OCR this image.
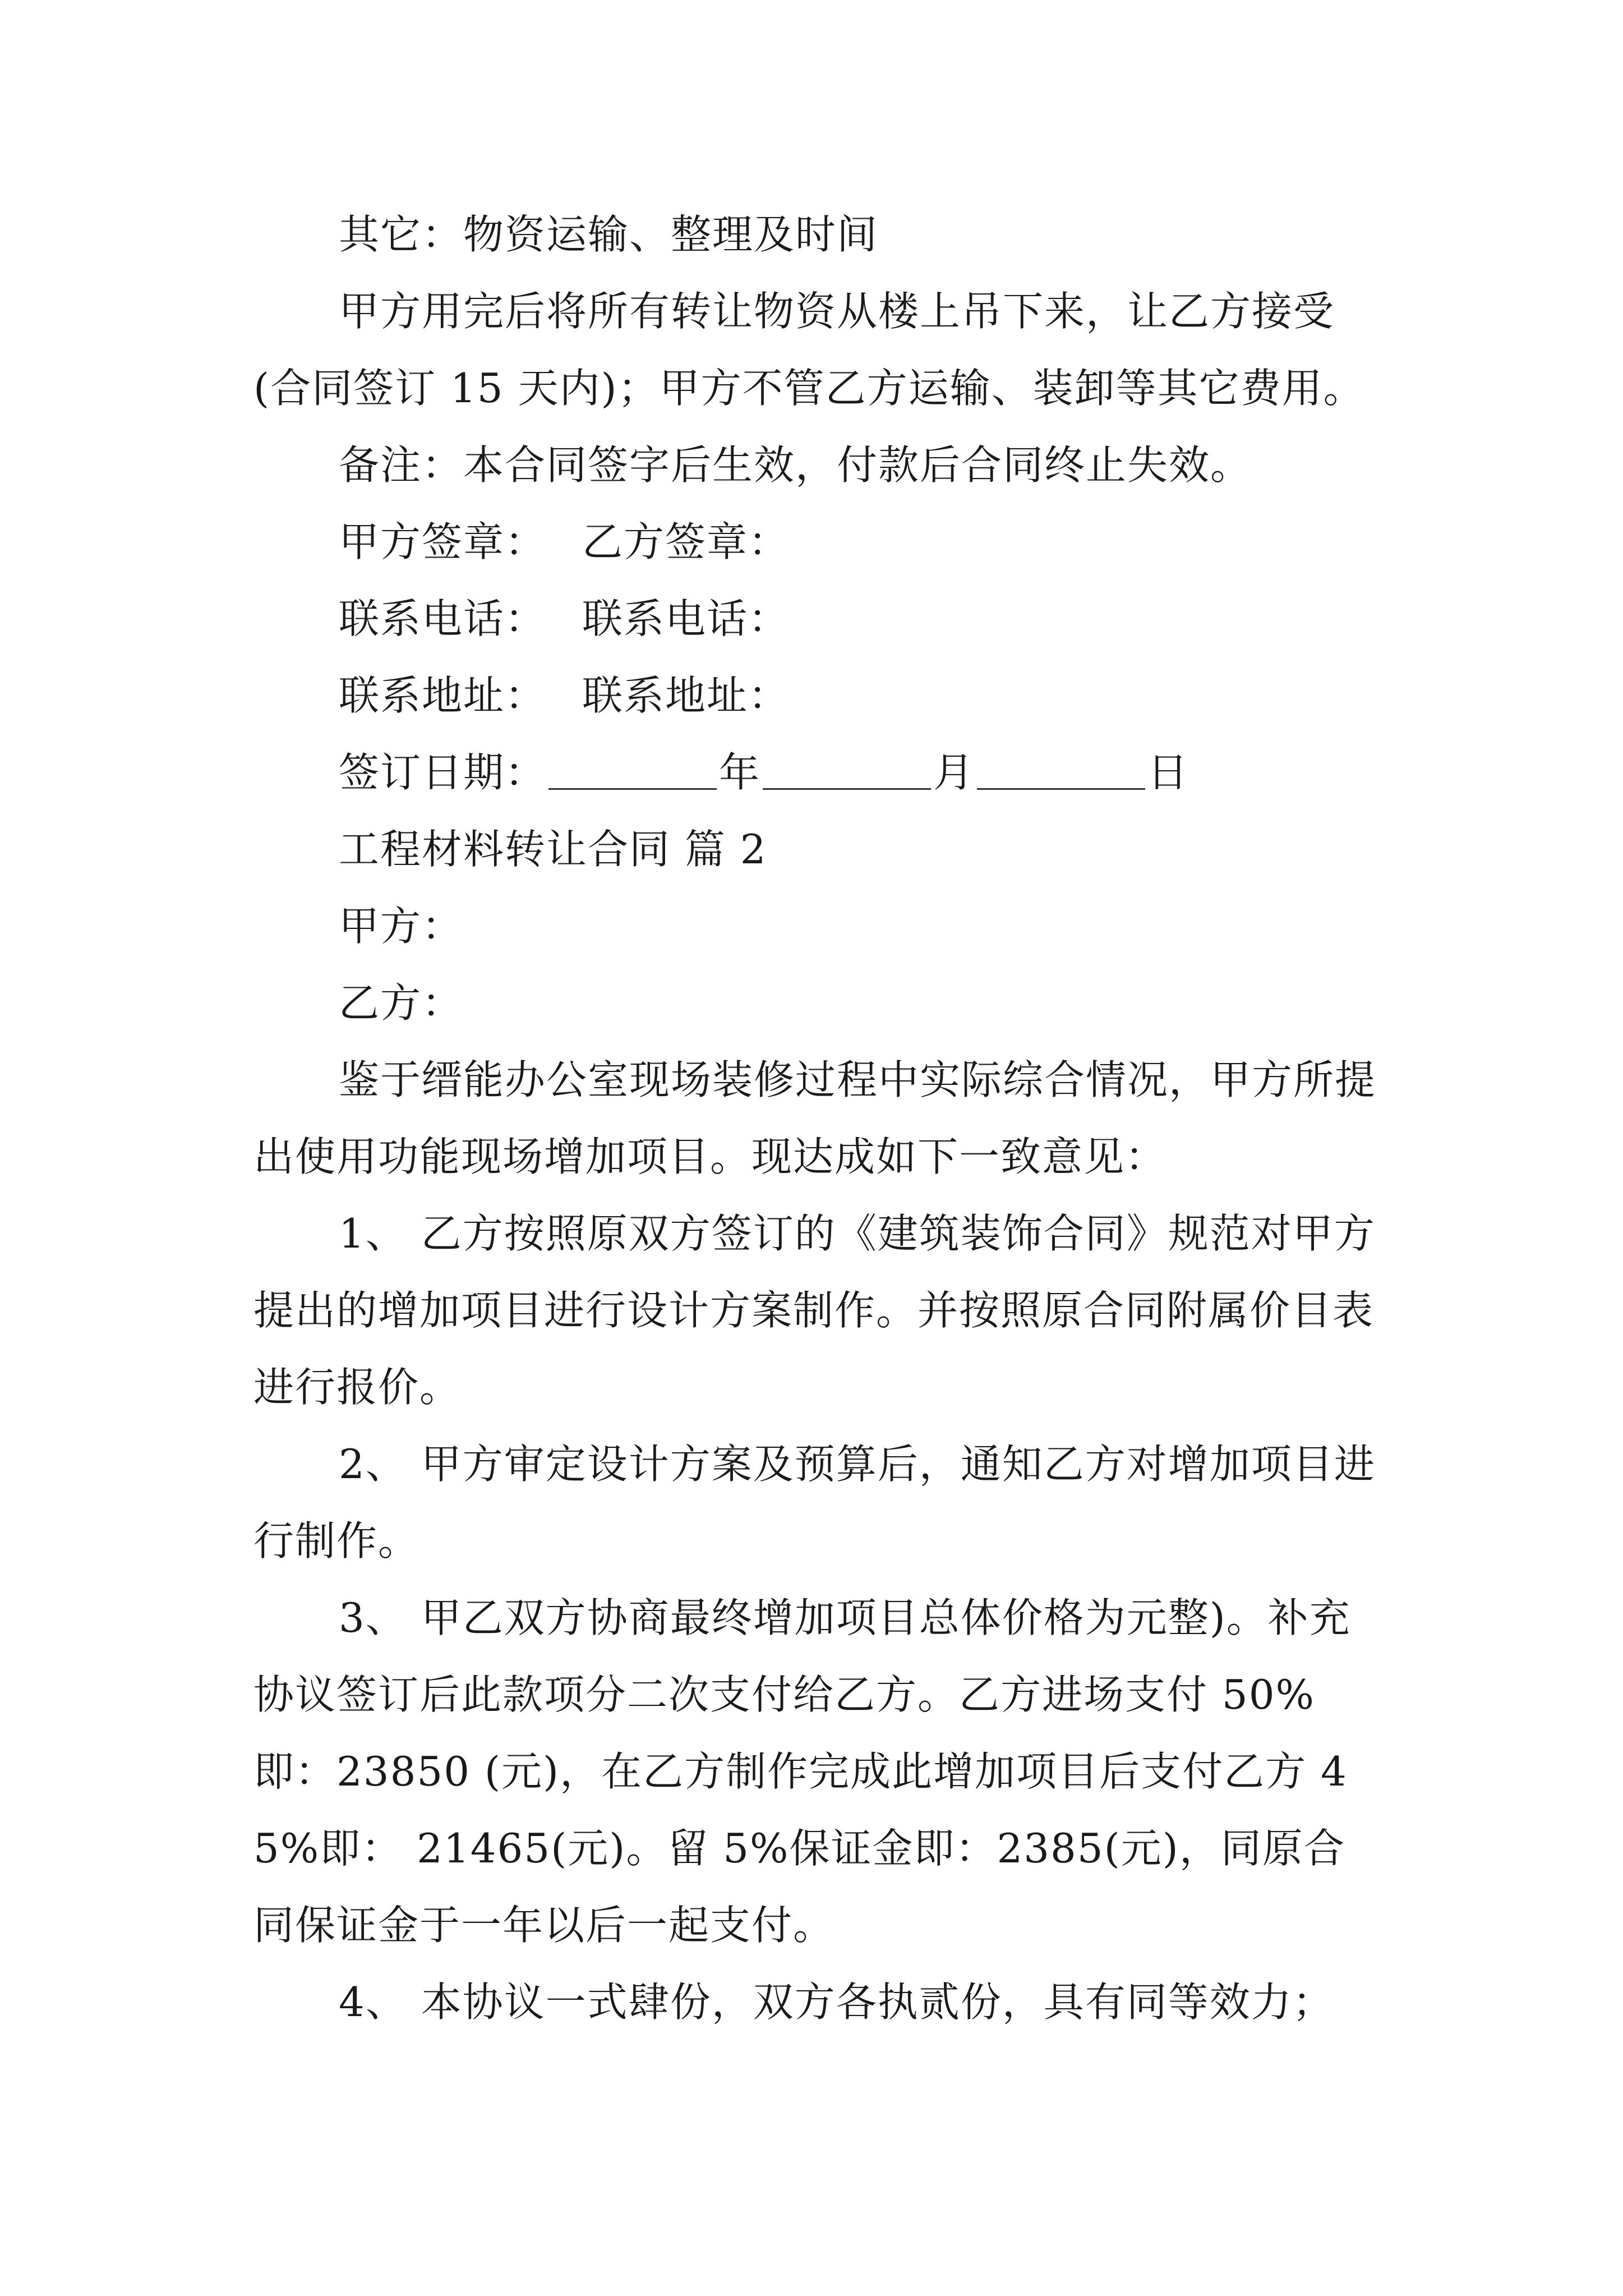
其它：物资运输、整理及时间

甲方用完后将所有转让物资从楼上吊下来，让乙方接受(合同签订 15 天内)；甲方不管乙方运输、装卸等其它费用。

备注：本合同签字后生效，付款后合同终止失效。

甲方签章： 乙方签章：

联系电话： 联系电话：

联系地址： 联系地址：

签订日期：	年	月	日

工程材料转让合同 篇 2

甲方：

乙方：

鉴于缙能办公室现场装修过程中实际综合情况，甲方所提出使用功能现场增加项目。现达成如下一致意见：

1、 乙方按照原双方签订的《建筑装饰合同》规范对甲方提出的增加项目进行设计方案制作。并按照原合同附属价目表进行报价。

2、 甲方审定设计方案及预算后，通知乙方对增加项目进行制作。

3、 甲乙双方协商最终增加项目总体价格为元整)。补充协议签订后此款项分二次支付给乙方。乙方进场支付 50%即：23850 (元)，在乙方制作完成此增加项目后支付乙方 45%即： 21465(元)。留 5%保证金即：2385(元)，同原合同保证金于一年以后一起支付。

4、 本协议一式肆份，双方各执贰份，具有同等效力；
